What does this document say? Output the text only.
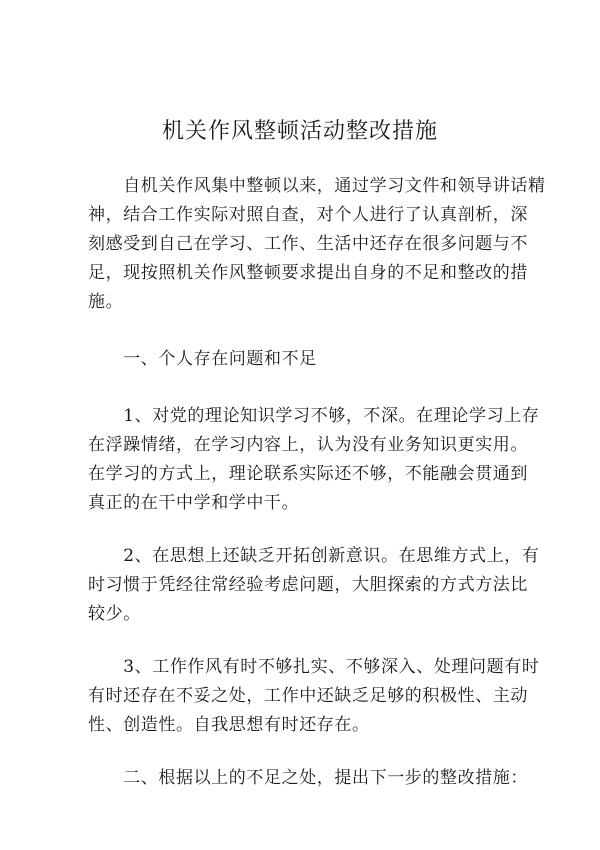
机关作风整顿活动整改措施
　　自机关作风集中整顿以来，通过学习文件和领导讲话精
神，结合工作实际对照自查，对个人进行了认真剖析，深
刻感受到自己在学习、工作、生活中还存在很多问题与不
足，现按照机关作风整顿要求提出自身的不足和整改的措
施。
　　一、个人存在问题和不足
　　1、对党的理论知识学习不够，不深。在理论学习上存
在浮躁情绪，在学习内容上，认为没有业务知识更实用。
在学习的方式上，理论联系实际还不够，不能融会贯通到
真正的在干中学和学中干。
　　2、在思想上还缺乏开拓创新意识。在思维方式上，有
时习惯于凭经往常经验考虑问题，大胆探索的方式方法比
较少。
　　3、工作作风有时不够扎实、不够深入、处理问题有时
有时还存在不妥之处，工作中还缺乏足够的积极性、主动
性、创造性。自我思想有时还存在。
　　二、根据以上的不足之处，提出下一步的整改措施：
